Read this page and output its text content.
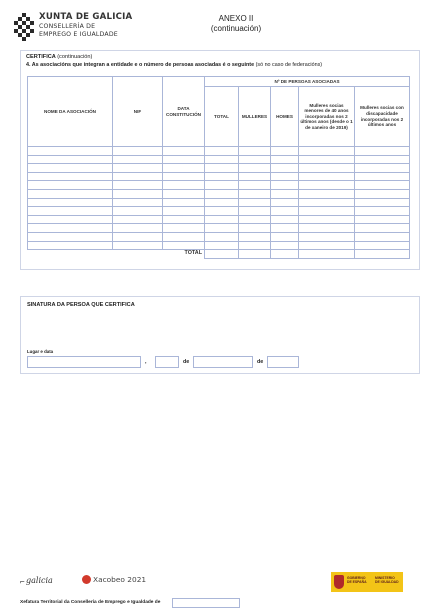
XUNTA DE GALICIA
CONSELLERÍA DE
EMPREGO E IGUALDADE
ANEXO II
(continuación)
CERTIFICA (continuación)
4. As asociacións que integran a entidade e o número de persoas asociadas é o seguinte (só no caso de federacións)
NOME DA ASOCIACIÓN	NIF	DATA CONSTITUCIÓN	Nº DE PERSOAS ASOCIADAS				
			TOTAL	MULLERES	HOMES	Mulleres socias menores de 40 anos incorporadas nos 2 últimos anos (desde o 1 de xaneiro de 2019)	Mulleres socias con discapacidade incorporadas nos 2 últimos anos

TOTAL							
SINATURA DA PERSOA QUE CERTIFICA
Lugar e data
,	de	de
⌐ galicia	Xacobeo 2021	GOBIERNO
DE ESPAÑA
MINISTERIO
DE IGUALDAD
Xefatura Territorial da Consellería de Emprego e Igualdade de
